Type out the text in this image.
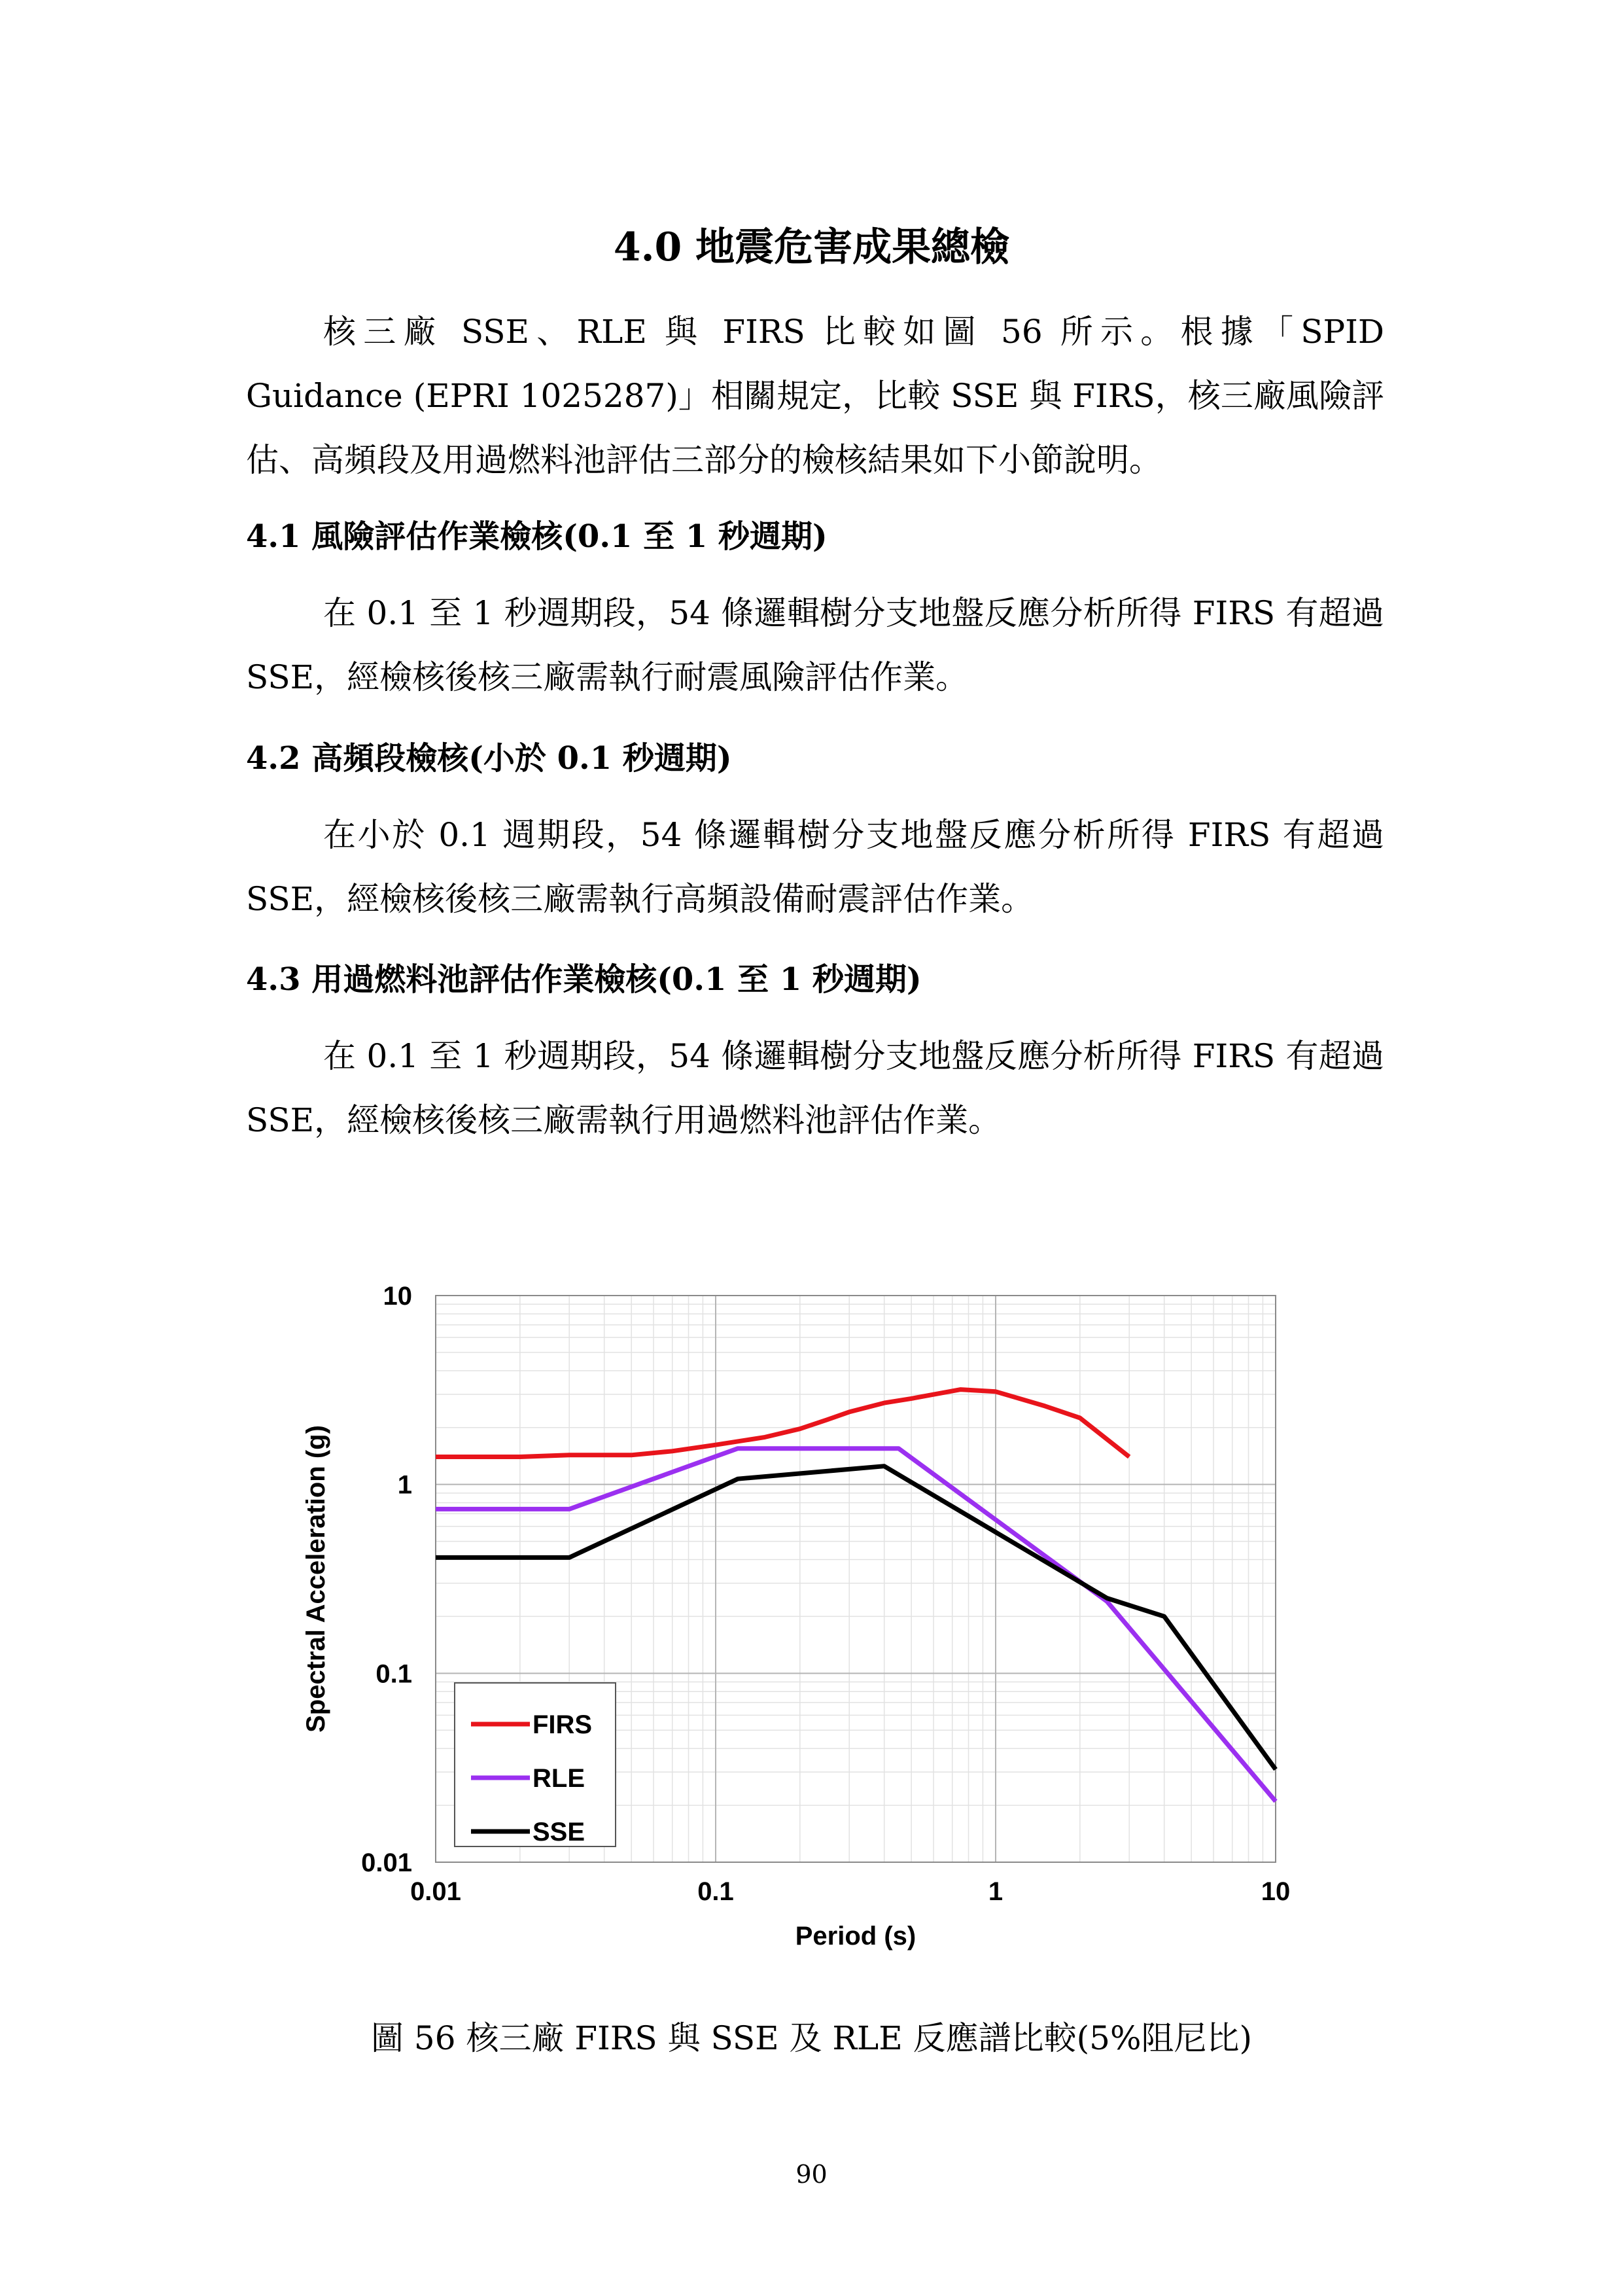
4.0 地震危害成果總檢

核三廠 SSE、RLE 與 FIRS 比較如圖 56 所示。根據「SPID Guidance (EPRI 1025287)」相關規定，比較 SSE 與 FIRS，核三廠風險評估、高頻段及用過燃料池評估三部分的檢核結果如下小節說明。

4.1 風險評估作業檢核(0.1 至 1 秒週期)

在 0.1 至 1 秒週期段，54 條邏輯樹分支地盤反應分析所得 FIRS 有超過 SSE，經檢核後核三廠需執行耐震風險評估作業。

4.2 高頻段檢核(小於 0.1 秒週期)

在小於 0.1 週期段，54 條邏輯樹分支地盤反應分析所得 FIRS 有超過 SSE，經檢核後核三廠需執行高頻設備耐震評估作業。

4.3 用過燃料池評估作業檢核(0.1 至 1 秒週期)

在 0.1 至 1 秒週期段，54 條邏輯樹分支地盤反應分析所得 FIRS 有超過 SSE，經檢核後核三廠需執行用過燃料池評估作業。

0.01	0.1	1	10
0.01
0.1
1
10
Period (s)
Spectral Acceleration (g)	FIRS
RLE
SSE
圖 56 核三廠 FIRS 與 SSE 及 RLE 反應譜比較(5%阻尼比)
90
